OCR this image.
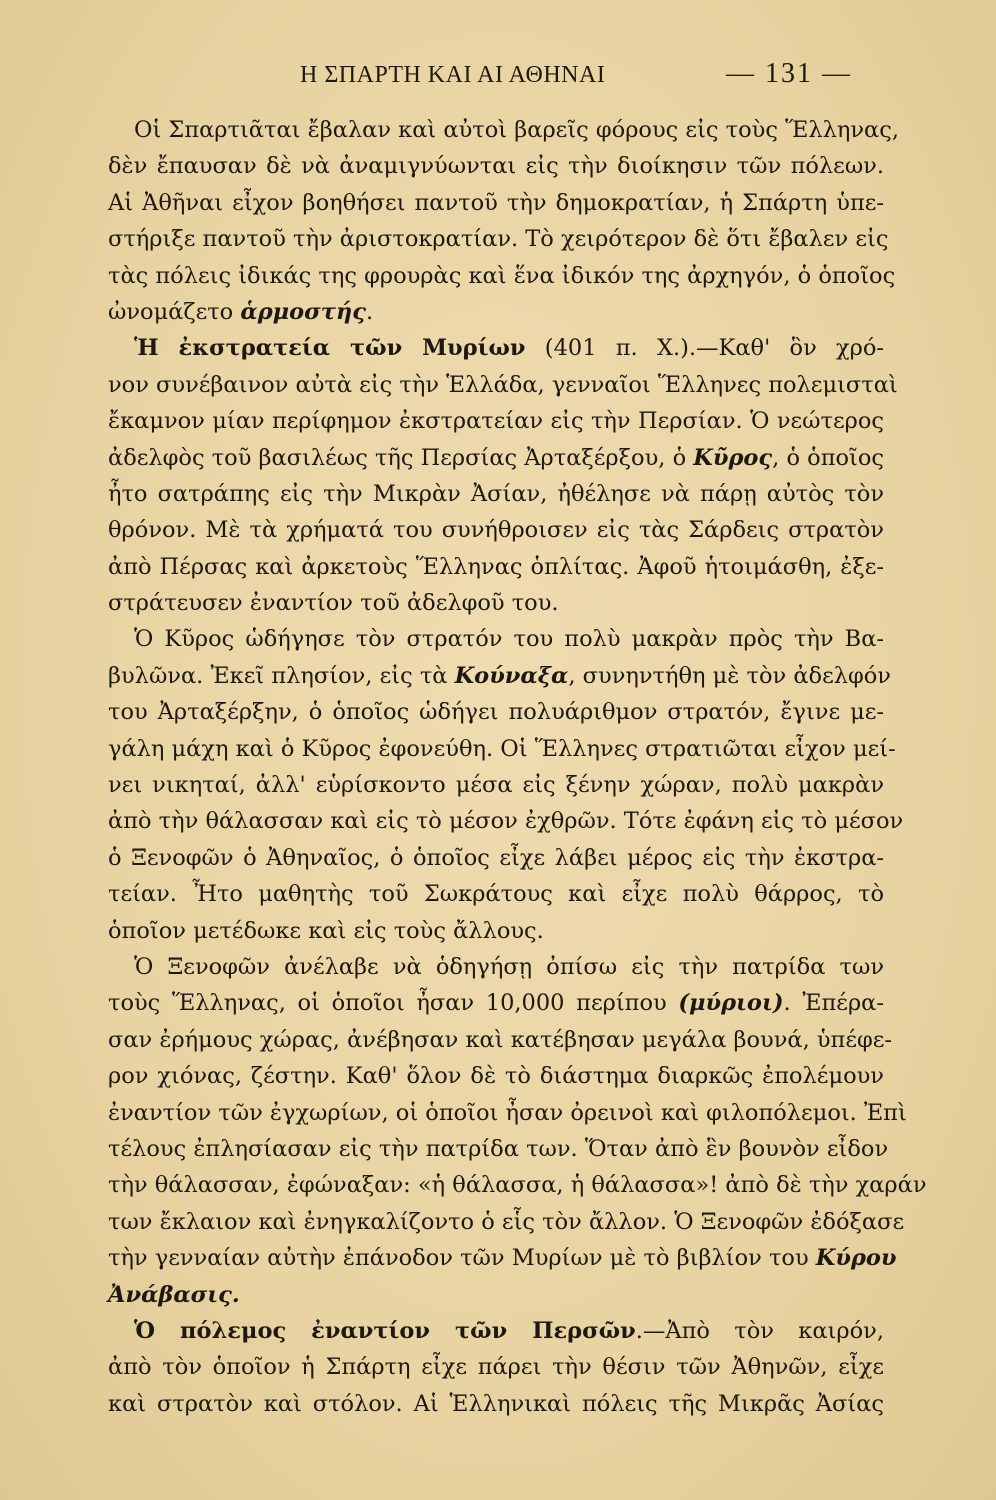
Η ΣΠΑΡΤΗ ΚΑΙ ΑΙ ΑΘΗΝΑΙ	— 131 —
Οἱ Σπαρτιᾶται ἔβαλαν καὶ αὐτοὶ βαρεῖς φόρους εἰς τοὺς Ἕλληνας,
δὲν ἔπαυσαν δὲ νὰ ἀναμιγνύωνται εἰς τὴν διοίκησιν τῶν πόλεων.
Αἱ Ἀθῆναι εἶχον βοηθήσει παντοῦ τὴν δημοκρατίαν, ἡ Σπάρτη ὑπε-
στήριξε παντοῦ τὴν ἀριστοκρατίαν. Τὸ χειρότερον δὲ ὅτι ἔβαλεν εἰς
τὰς πόλεις ἰδικάς της φρουρὰς καὶ ἕνα ἰδικόν της ἀρχηγόν, ὁ ὁποῖος
ὠνομάζετο ἁρμοστής.
Ἡ ἐκστρατεία τῶν Μυρίων (401 π. Χ.).—Καθ' ὃν χρό-
νον συνέβαινον αὐτὰ εἰς τὴν Ἑλλάδα, γενναῖοι Ἕλληνες πολεμισταὶ
ἔκαμνον μίαν περίφημον ἐκστρατείαν εἰς τὴν Περσίαν. Ὁ νεώτερος
ἀδελφὸς τοῦ βασιλέως τῆς Περσίας Ἀρταξέρξου, ὁ Κῦρος, ὁ ὁποῖος
ἦτο σατράπης εἰς τὴν Μικρὰν Ἀσίαν, ἠθέλησε νὰ πάρῃ αὐτὸς τὸν
θρόνον. Μὲ τὰ χρήματά του συνήθροισεν εἰς τὰς Σάρδεις στρατὸν
ἀπὸ Πέρσας καὶ ἀρκετοὺς Ἕλληνας ὁπλίτας. Ἀφοῦ ἡτοιμάσθη, ἐξε-
στράτευσεν ἐναντίον τοῦ ἀδελφοῦ του.
Ὁ Κῦρος ὡδήγησε τὸν στρατόν του πολὺ μακρὰν πρὸς τὴν Βα-
βυλῶνα. Ἐκεῖ πλησίον, εἰς τὰ Κούναξα, συνηντήθη μὲ τὸν ἀδελφόν
του Ἀρταξέρξην, ὁ ὁποῖος ὡδήγει πολυάριθμον στρατόν, ἔγινε με-
γάλη μάχη καὶ ὁ Κῦρος ἐφονεύθη. Οἱ Ἕλληνες στρατιῶται εἶχον μεί-
νει νικηταί, ἀλλ' εὑρίσκοντο μέσα εἰς ξένην χώραν, πολὺ μακρὰν
ἀπὸ τὴν θάλασσαν καὶ εἰς τὸ μέσον ἐχθρῶν. Τότε ἐφάνη εἰς τὸ μέσον
ὁ Ξενοφῶν ὁ Ἀθηναῖος, ὁ ὁποῖος εἶχε λάβει μέρος εἰς τὴν ἐκστρα-
τείαν. Ἦτο μαθητὴς τοῦ Σωκράτους καὶ εἶχε πολὺ θάρρος, τὸ
ὁποῖον μετέδωκε καὶ εἰς τοὺς ἄλλους.
Ὁ Ξενοφῶν ἀνέλαβε νὰ ὁδηγήσῃ ὀπίσω εἰς τὴν πατρίδα των
τοὺς Ἕλληνας, οἱ ὁποῖοι ἦσαν 10,000 περίπου (μύριοι). Ἐπέρα-
σαν ἐρήμους χώρας, ἀνέβησαν καὶ κατέβησαν μεγάλα βουνά, ὑπέφε-
ρον χιόνας, ζέστην. Καθ' ὅλον δὲ τὸ διάστημα διαρκῶς ἐπολέμουν
ἐναντίον τῶν ἐγχωρίων, οἱ ὁποῖοι ἦσαν ὀρεινοὶ καὶ φιλοπόλεμοι. Ἐπὶ
τέλους ἐπλησίασαν εἰς τὴν πατρίδα των. Ὅταν ἀπὸ ἓν βουνὸν εἶδον
τὴν θάλασσαν, ἐφώναξαν: «ἡ θάλασσα, ἡ θάλασσα»! ἀπὸ δὲ τὴν χαράν
των ἔκλαιον καὶ ἐνηγκαλίζοντο ὁ εἷς τὸν ἄλλον. Ὁ Ξενοφῶν ἐδόξασε
τὴν γενναίαν αὐτὴν ἐπάνοδον τῶν Μυρίων μὲ τὸ βιβλίον του Κύρου
Ἀνάβασις.
Ὁ πόλεμος ἐναντίον τῶν Περσῶν.—Ἀπὸ τὸν καιρόν,
ἀπὸ τὸν ὁποῖον ἡ Σπάρτη εἶχε πάρει τὴν θέσιν τῶν Ἀθηνῶν, εἶχε
καὶ στρατὸν καὶ στόλον. Αἱ Ἑλληνικαὶ πόλεις τῆς Μικρᾶς Ἀσίας
